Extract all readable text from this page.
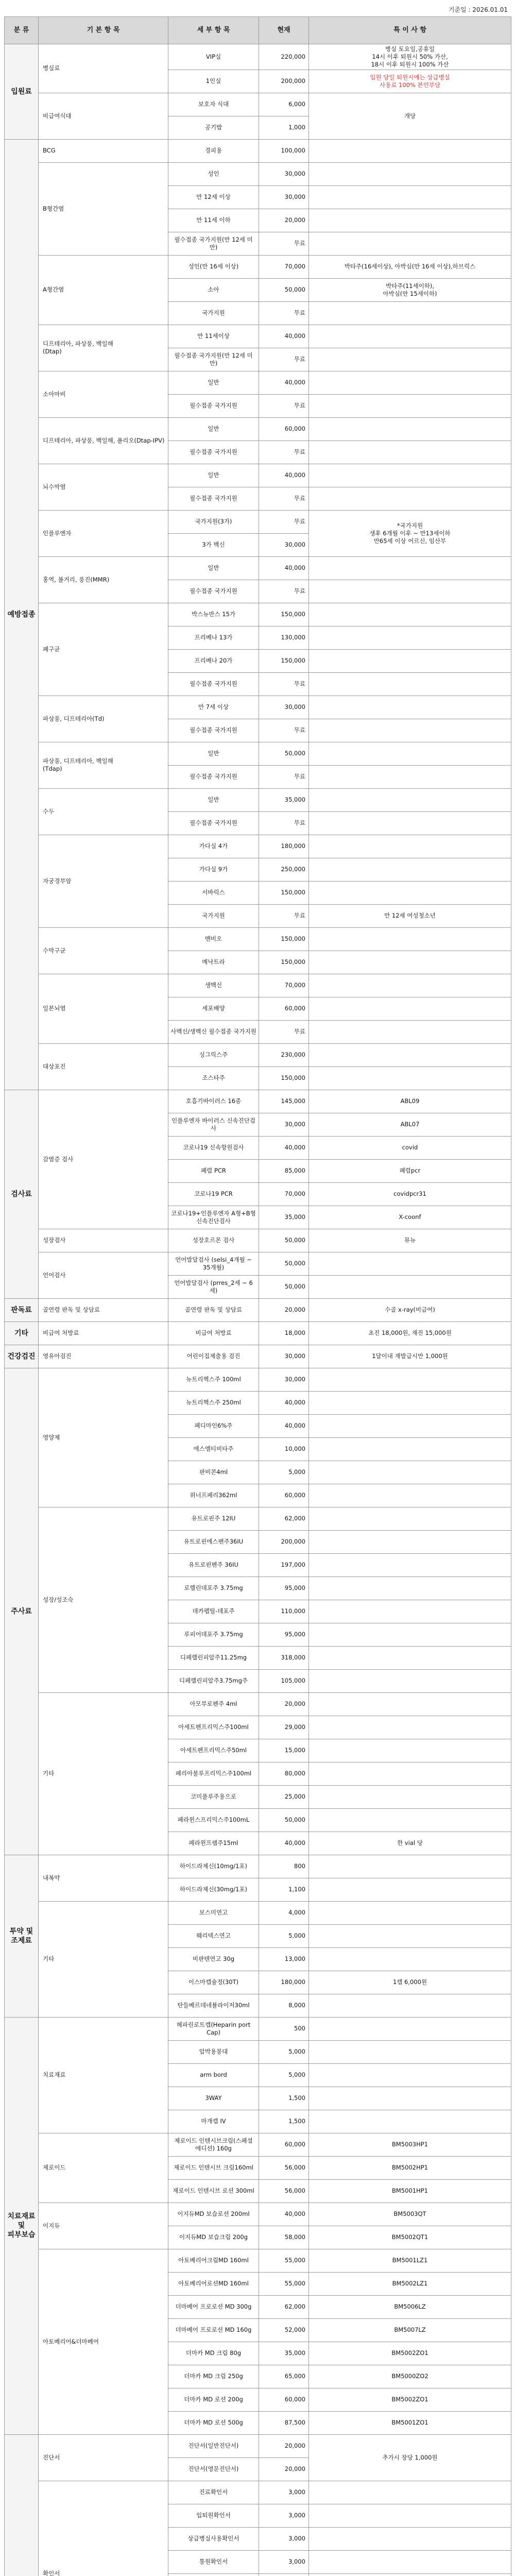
기준일 : 2026.01.01
분 류	기 본 항 목	세 부 항 목	현재	특 이 사 항
입원료	병실료	VIP실	220,000	병실 토요일,공휴일
14시 이후 퇴원시 50% 가산,
18시 이후 퇴원시 100% 가산
		1인실	200,000	입원 당일 퇴원시에는 상급병실
사용료 100% 본인부담
	비급여식대	보호자 식대	6,000	개당
		공기밥	1,000	
예방접종	BCG	경피용	100,000	
	B형간염	성인	30,000	
		만 12세 이상	30,000	
		만 11세 이하	20,000	
		필수접종 국가지원(만 12세 미만)	무료	
	A형간염	성인(만 16세 이상)	70,000	박타주(16세이상), 아박심(만 16세 이상),하브릭스
		소아	50,000	박타주(11세이하),
아박심(만 15세이하)
		국가지원	무료	
	디프테리아, 파상풍, 백일해
(Dtap)	만 11세이상	40,000	
		필수접종 국가지원(만 12세 미만)	무료	
	소아마비	일반	40,000	
		필수접종 국가지원	무료	
	디프테리아, 파상풍, 백일해, 폴리오(Dtap-IPV)	일반	60,000	
		필수접종 국가지원	무료	
	뇌수막염	일반	40,000	
		필수접종 국가지원	무료	
	인플루엔자	국가지원(3가)	무료	*국가지원
생후 6개월 이후 ~ 만13세이하
만65세 이상 어르신, 임산부
		3가 백신	30,000	
	홍역, 볼거리, 풍진(MMR)	일반	40,000	
		필수접종 국가지원	무료	
	폐구균	박스뉴반스 15가	150,000	
		프리베나 13가	130,000	
		프리베나 20가	150,000	
		필수접종 국가지원	무료	
	파상풍, 디프테리아(Td)	만 7세 이상	30,000	
		필수접종 국가지원	무료	
	파상풍, 디프테리아, 백일해
(Tdap)	일반	50,000	
		필수접종 국가지원	무료	
	수두	일반	35,000	
		필수접종 국가지원	무료	
	자궁경부암	가다실 4가	180,000	
		가다실 9가	250,000	
		서바릭스	150,000	
		국가지원	무료	만 12세 여성청소년
	수막구균	멘비오	150,000	
		메낙트라	150,000	
	일본뇌염	생백신	70,000	
		세포배양	60,000	
		사백신/생백신 필수접종 국가지원	무료	
	대상포진	싱그릭스주	230,000	
		조스타주	150,000	
검사료	감염증 검사	호흡기바이러스 16종	145,000	ABL09
		인플루엔자 바이러스 신속진단검사	30,000	ABL07
		코로나19 신속항원검사	40,000	covid
		폐렴 PCR	85,000	폐렴pcr
		코로나19 PCR	70,000	covidpcr31
		코로나19+인플루엔자 A형+B형 신속진단검사	35,000	X-coonf
	성장검사	성장호르몬 검사	50,000	뮤뉴
	언어검사	언어발달검사 (selsi_4개월 ~ 35개월)	50,000	
		언어발달검사 (prres_2세 ~ 6세)	50,000	
판독료	골연령 판독 및 상담료	골연령 판독 및 상담료	20,000	수골 x-ray(비급여)
기타	비급여 처방료	비급여 처방료	18,000	초진 18,000원, 재진 15,000원
건강검진	영유아검진	어린이집제출용 검진	30,000	1달이내 재발급시만 1,000원
주사료	영양제	뉴트리헥스주 100ml	30,000	
		뉴트리헥스주 250ml	40,000	
		페디마인6%주	40,000	
		에스엠티비타주	10,000	
		판비콘4ml	5,000	
		위너프페리362ml	60,000	
	성장/성조숙	유트로핀주 12IU	62,000	
		유트로핀에스펜주36IU	200,000	
		유트로핀펜주 36IU	197,000	
		로렐린데포주 3.75mg	95,000	
		데카펩틸-데포주	110,000	
		루피어데포주 3.75mg	95,000	
		디페렐린피알주11.25mg	318,000	
		디페렐린피알주3.75mg주	105,000	
	기타	아모부로펜주 4ml	20,000	
		아세트펜프리믹스주100ml	29,000	
		아세트펜프리믹스주50ml	15,000	
		페리아불루프리믹스주100ml	80,000	
		코미플루주용으로	25,000	
		페라윈스프리믹스주100mL	50,000	
		페라윈프렘주15ml	40,000	한 vial 당
투약 및
조제료	내복약	하이드라제신(10mg/1포)	800	
		하이드라제신(30mg/1포)	1,100	
	기타	보스미연고	4,000	
		웨리덱스연고	5,000	
		비판텐연고 30g	13,000	
		이스마캡슐정(30T)	180,000	1캡 6,000원
		탄들베르데네뷸라이저30ml	8,000	
치료재료
및
피부보습	치료재료	헤파린로트캡(Heparin port Cap)	500	
		압박용붕대	5,000	
		arm bord	5,000	
		3WAY	1,500	
		마개캡 IV	1,500	
	제로이드	제로이드 인텐시브크림(스페셜 에디션) 160g	60,000	BM5003HP1
		제로이드 인텐시브 크림160ml	56,000	BM5002HP1
		제로이드 인텐시브 로션 300ml	56,000	BM5001HP1
	이지듀	이지듀MD 보습로션 200ml	40,000	BM5003QT
		이지듀MD 보습크림 200g	58,000	BM5002QT1
	아토베리어&더마베어	아토베리어크림MD 160ml	55,000	BM5001LZ1
		아토베리어로션MD 160ml	55,000	BM5002LZ1
		더마베어 프로로션 MD 300g	62,000	BM5006LZ
		더마베어 프로로션 MD 160g	52,000	BM5007LZ
		더마카 MD 크림 80g	35,000	BM5002ZO1
		더마카 MD 크림 250g	65,000	BM5000ZO2
		더마카 MD 로션 200g	60,000	BM5002ZO1
		더마카 MD 로션 500g	87,500	BM5001ZO1
	진단서	진단서(일반진단서)	20,000	추가시 장당 1,000원
		진단서(영문진단서)	20,000	
	확인서	진료확인서	3,000	
		입퇴원확인서	3,000	
		상급병실사용확인서	3,000	
		통원확인서	3,000	
